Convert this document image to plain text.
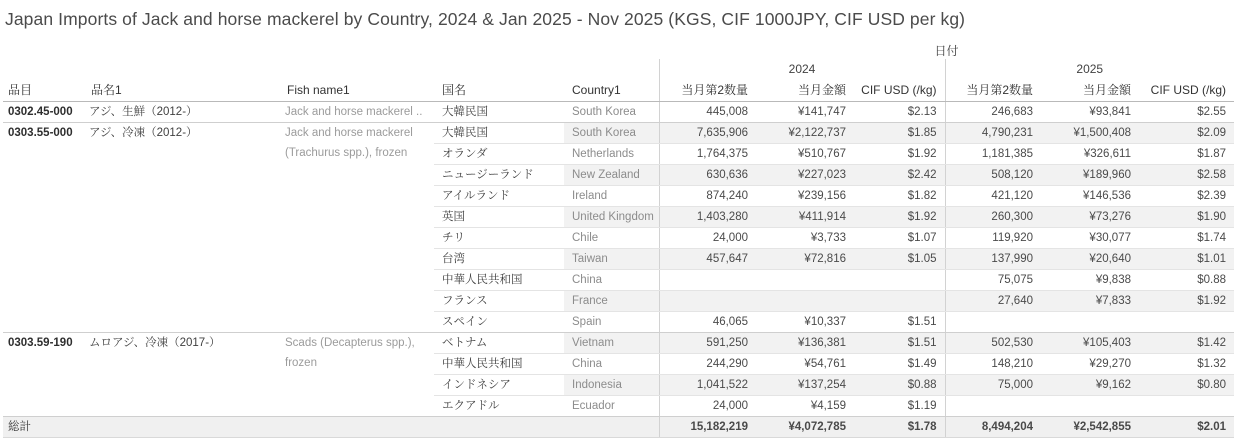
Japan Imports of Jack and horse mackerel by Country, 2024 & Jan 2025 - Nov 2025 (KGS, CIF 1000JPY, CIF USD per kg)
					日付					
					2024			2025		
品目	品名1	Fish name1	国名	Country1	当月第2数量	当月金額	CIF USD (/kg)	当月第2数量	当月金額	CIF USD (/kg)
0302.45-000	アジ、生鮮（2012-）	Jack and horse mackerel ..	大韓民国	South Korea	445,008	¥141,747	$2.13	246,683	¥93,841	$2.55
0303.55-000	アジ、冷凍（2012-）	Jack and horse mackerel (Trachurus spp.), frozen	大韓民国	South Korea	7,635,906	¥2,122,737	$1.85	4,790,231	¥1,500,408	$2.09
			オランダ	Netherlands	1,764,375	¥510,767	$1.92	1,181,385	¥326,611	$1.87
			ニュージーランド	New Zealand	630,636	¥227,023	$2.42	508,120	¥189,960	$2.58
			アイルランド	Ireland	874,240	¥239,156	$1.82	421,120	¥146,536	$2.39
			英国	United Kingdom	1,403,280	¥411,914	$1.92	260,300	¥73,276	$1.90
			チリ	Chile	24,000	¥3,733	$1.07	119,920	¥30,077	$1.74
			台湾	Taiwan	457,647	¥72,816	$1.05	137,990	¥20,640	$1.01
			中華人民共和国	China				75,075	¥9,838	$0.88
			フランス	France				27,640	¥7,833	$1.92
			スペイン	Spain	46,065	¥10,337	$1.51			
0303.59-190	ムロアジ、冷凍（2017-）	Scads (Decapterus spp.), frozen	ベトナム	Vietnam	591,250	¥136,381	$1.51	502,530	¥105,403	$1.42
			中華人民共和国	China	244,290	¥54,761	$1.49	148,210	¥29,270	$1.32
			インドネシア	Indonesia	1,041,522	¥137,254	$0.88	75,000	¥9,162	$0.80
			エクアドル	Ecuador	24,000	¥4,159	$1.19			
総計					15,182,219	¥4,072,785	$1.78	8,494,204	¥2,542,855	$2.01
